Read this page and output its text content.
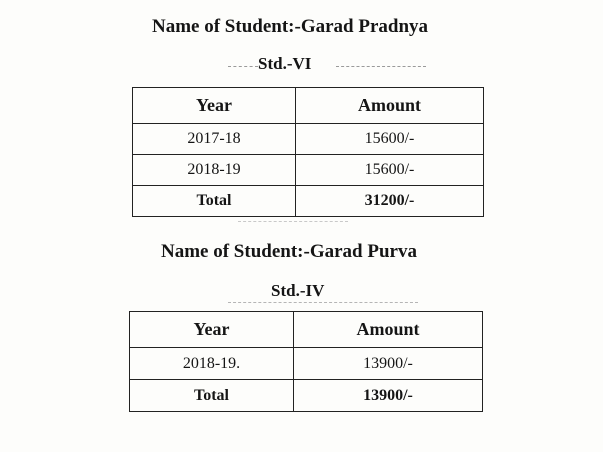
Name of Student:-Garad Pradnya
Std.-VI
Year	Amount
2017-18	15600/-
2018-19	15600/-
Total	31200/-
Name of Student:-Garad Purva
Std.-IV
Year	Amount
2018-19.	13900/-
Total	13900/-
